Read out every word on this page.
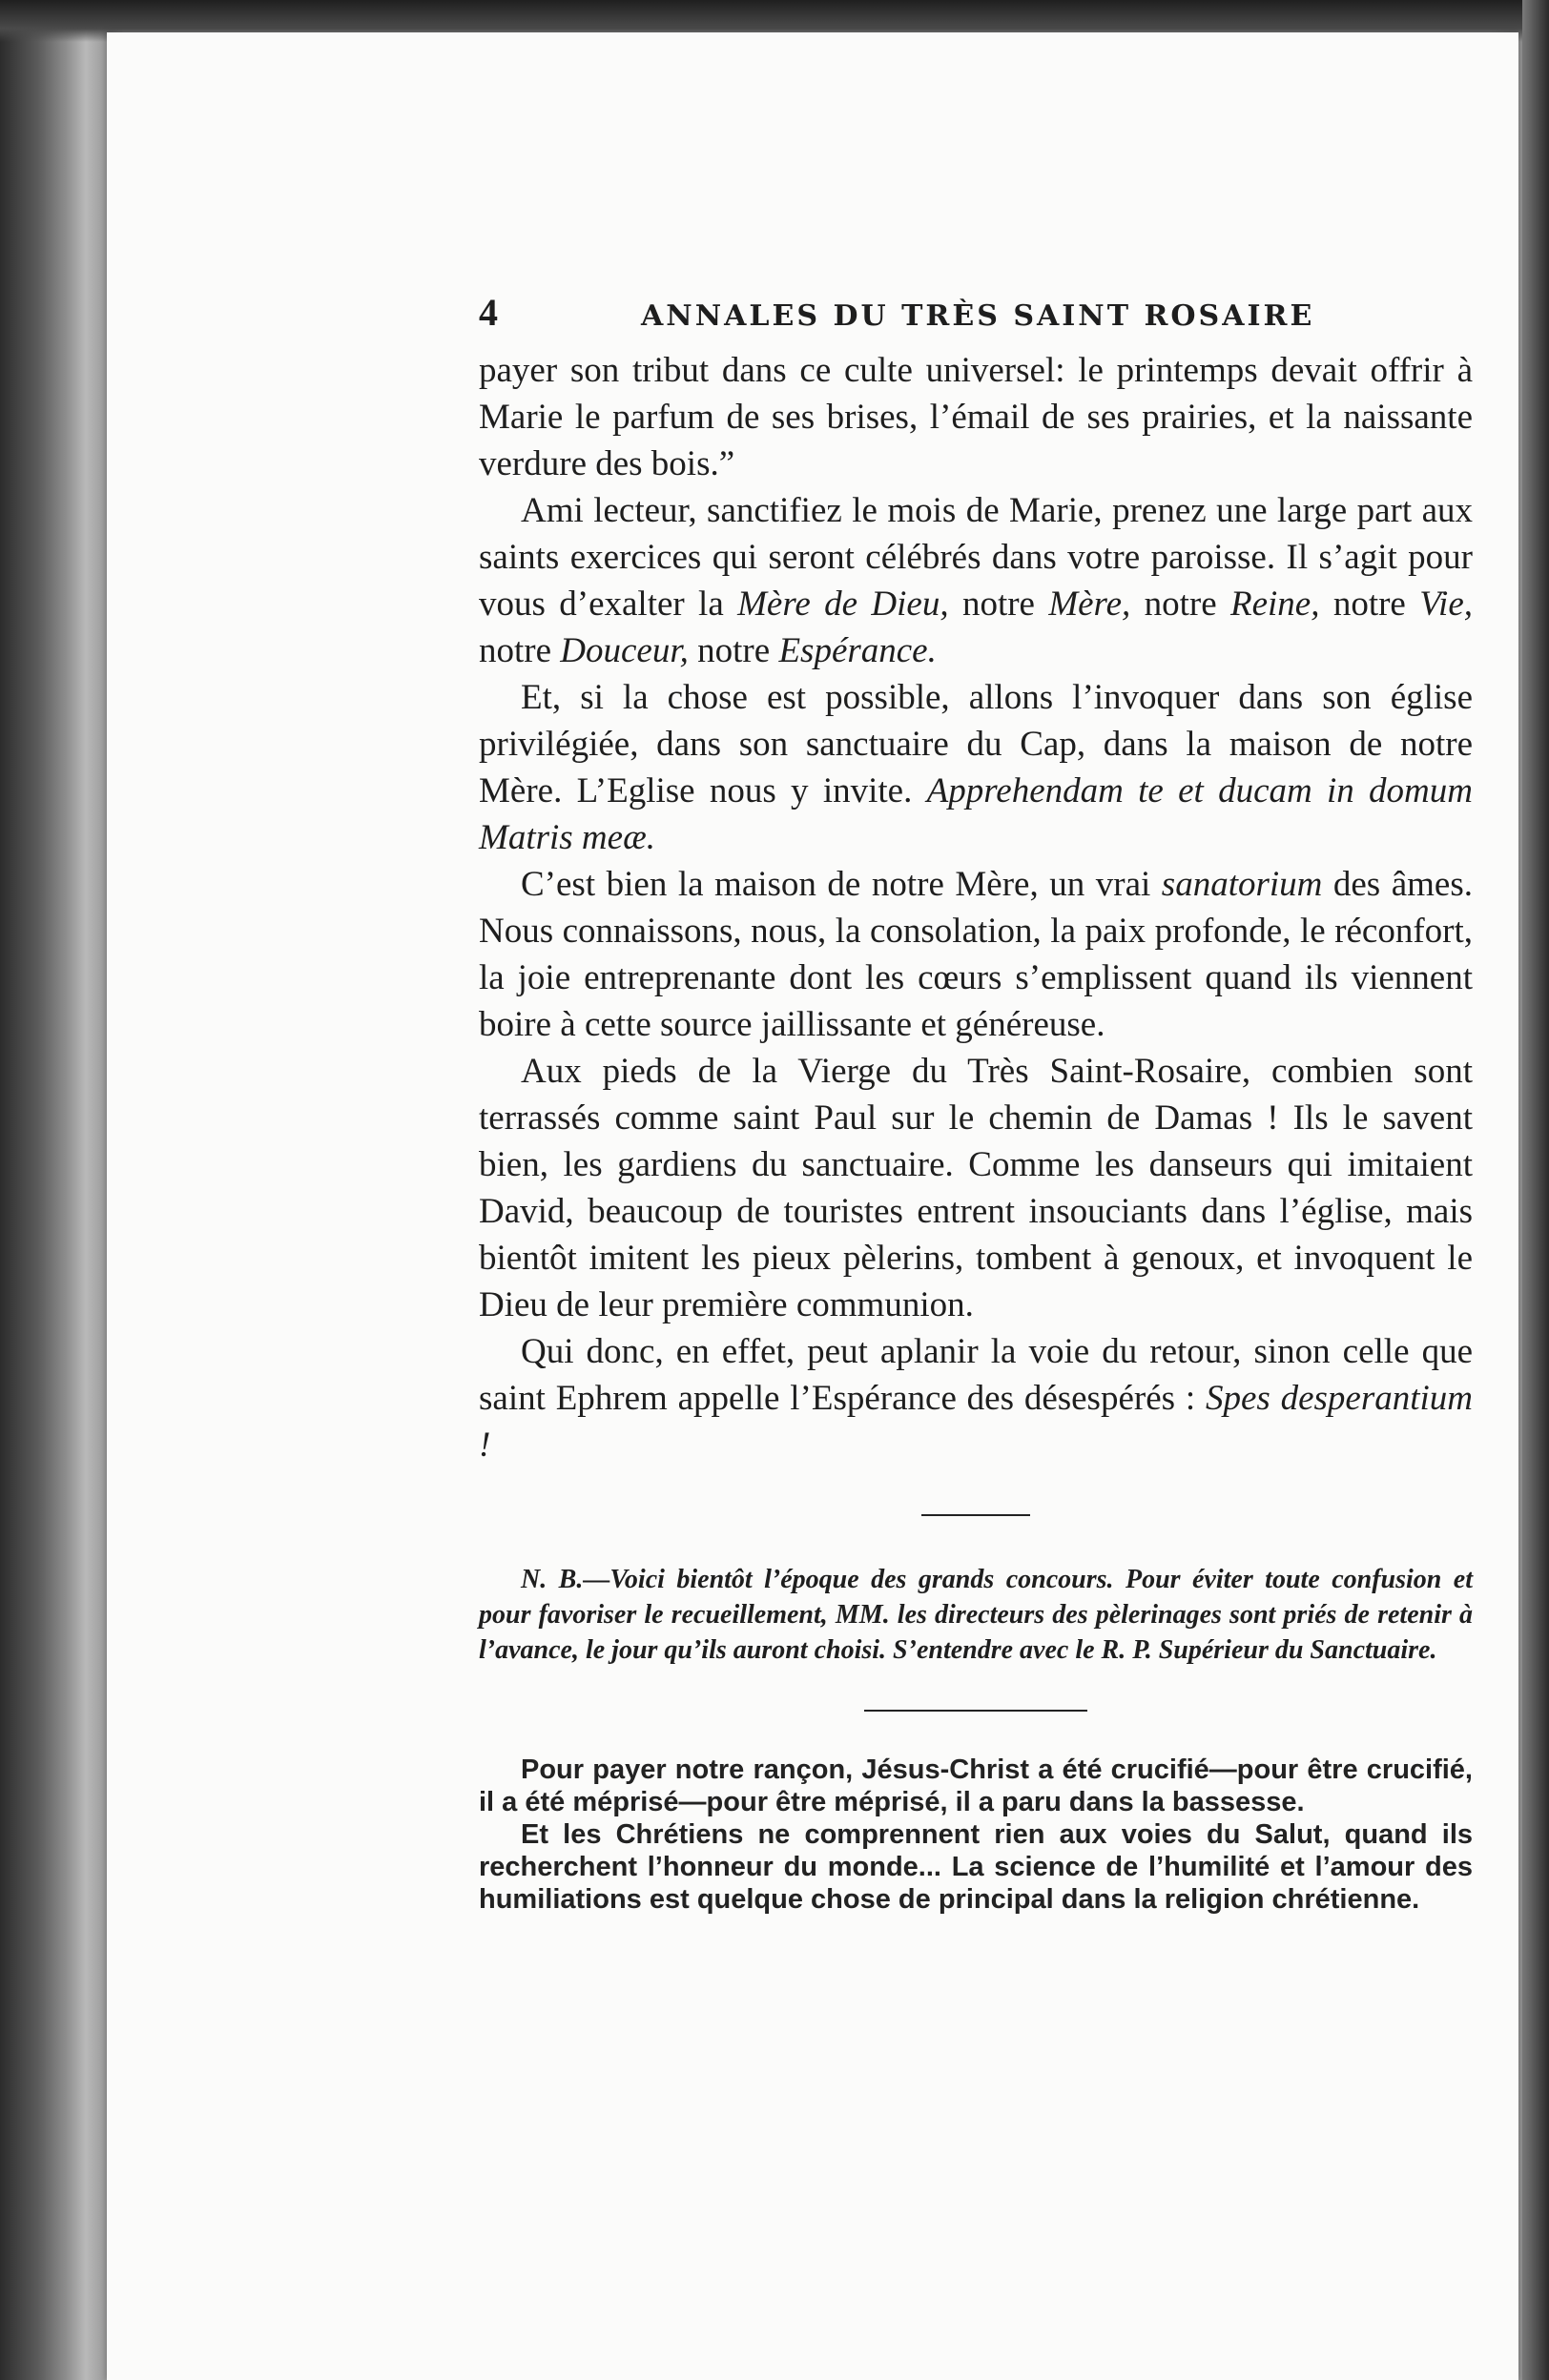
4	ANNALES DU TRÈS SAINT ROSAIRE

payer son tribut dans ce culte universel: le printemps devait offrir à Marie le parfum de ses brises, l’émail de ses prairies, et la naissante verdure des bois.”

Ami lecteur, sanctifiez le mois de Marie, prenez une large part aux saints exercices qui seront célébrés dans votre paroisse. Il s’agit pour vous d’exalter la Mère de Dieu, notre Mère, notre Reine, notre Vie, notre Douceur, notre Espérance.

Et, si la chose est possible, allons l’invoquer dans son église privilégiée, dans son sanctuaire du Cap, dans la maison de notre Mère. L’Eglise nous y invite. Apprehendam te et ducam in domum Matris meæ.

C’est bien la maison de notre Mère, un vrai sanatorium des âmes. Nous connaissons, nous, la consolation, la paix profonde, le réconfort, la joie entreprenante dont les cœurs s’emplissent quand ils viennent boire à cette source jaillissante et généreuse.

Aux pieds de la Vierge du Très Saint-Rosaire, combien sont terrassés comme saint Paul sur le chemin de Damas ! Ils le savent bien, les gardiens du sanctuaire. Comme les danseurs qui imitaient David, beaucoup de touristes entrent insouciants dans l’église, mais bientôt imitent les pieux pèlerins, tombent à genoux, et invoquent le Dieu de leur première communion.

Qui donc, en effet, peut aplanir la voie du retour, sinon celle que saint Ephrem appelle l’Espérance des désespérés : Spes desperantium !

N. B.—Voici bientôt l’époque des grands concours. Pour éviter toute confusion et pour favoriser le recueillement, MM. les directeurs des pèlerinages sont priés de retenir à l’avance, le jour qu’ils auront choisi. S’entendre avec le R. P. Supérieur du Sanctuaire.

Pour payer notre rançon, Jésus-Christ a été crucifié—pour être crucifié, il a été méprisé—pour être méprisé, il a paru dans la bassesse.

Et les Chrétiens ne comprennent rien aux voies du Salut, quand ils recherchent l’honneur du monde... La science de l’humilité et l’amour des humiliations est quelque chose de principal dans la religion chrétienne.
